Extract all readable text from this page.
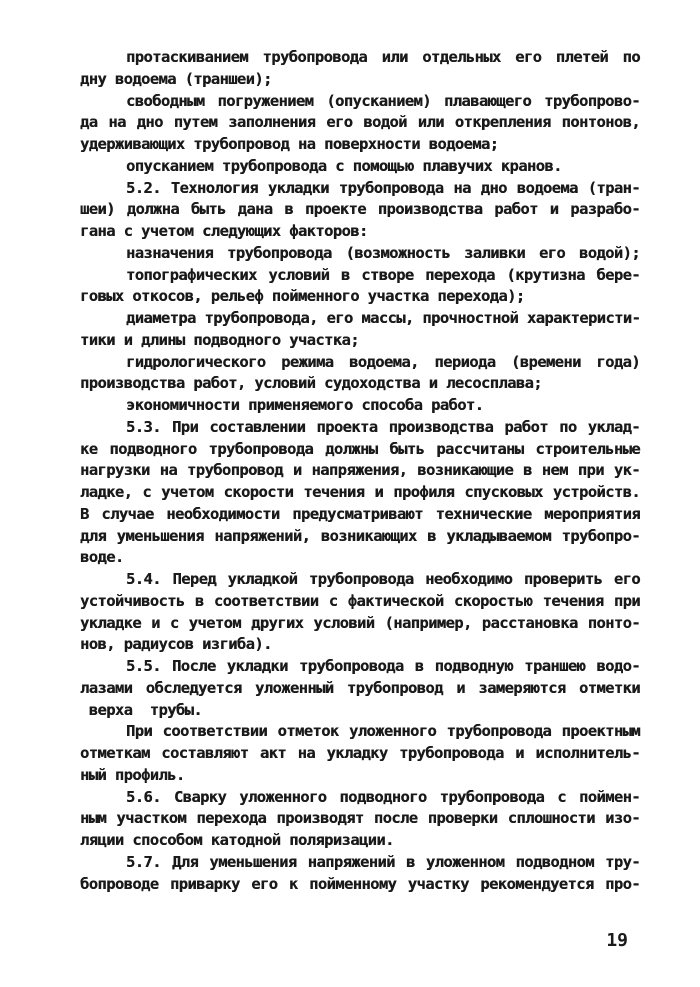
протаскиванием трубопровода или отдельных его плетей по
дну водоема (траншеи);
свободным погружением (опусканием) плавающего трубопрово-
да на дно путем заполнения его водой или открепления понтонов,
удерживающих трубопровод на поверхности водоема;
опусканием трубопровода с помощью плавучих кранов.
5.2. Технология укладки трубопровода на дно водоема (тран-
шеи) должна быть дана в проекте производства работ и разрабо-
гана с учетом следующих факторов:
назначения трубопровода (возможность заливки его водой);
топографических условий в створе перехода (крутизна бере-
говых откосов, рельеф пойменного участка перехода);
диаметра трубопровода, его массы, прочностной характеристи-
тики и длины подводного участка;
гидрологического режима водоема, периода (времени года)
производства работ, условий судоходства и лесосплава;
экономичности применяемого способа работ.
5.3. При составлении проекта производства работ по уклад-
ке подводного трубопровода должны быть рассчитаны строительные
нагрузки на трубопровод и напряжения, возникающие в нем при ук-
ладке, с учетом скорости течения и профиля спусковых устройств.
В случае необходимости предусматривают технические мероприятия
для уменьшения напряжений, возникающих в укладываемом трубопро-
воде.
5.4. Перед укладкой трубопровода необходимо проверить его
устойчивость в соответствии с фактической скоростью течения при
укладке и с учетом других условий (например, расстановка понто-
нов, радиусов изгиба).
5.5. После укладки трубопровода в подводную траншею водо-
лазами обследуется уложенный трубопровод и замеряются отметки
верха  трубы.
При соответствии отметок уложенного трубопровода проектным
отметкам составляют акт на укладку трубопровода и исполнитель-
ный профиль.
5.6. Сварку уложенного подводного трубопровода с поймен-
ным участком перехода производят после проверки сплошности изо-
ляции способом катодной поляризации.
5.7. Для уменьшения напряжений в уложенном подводном тру-
бопроводе приварку его к пойменному участку рекомендуется про-
19
